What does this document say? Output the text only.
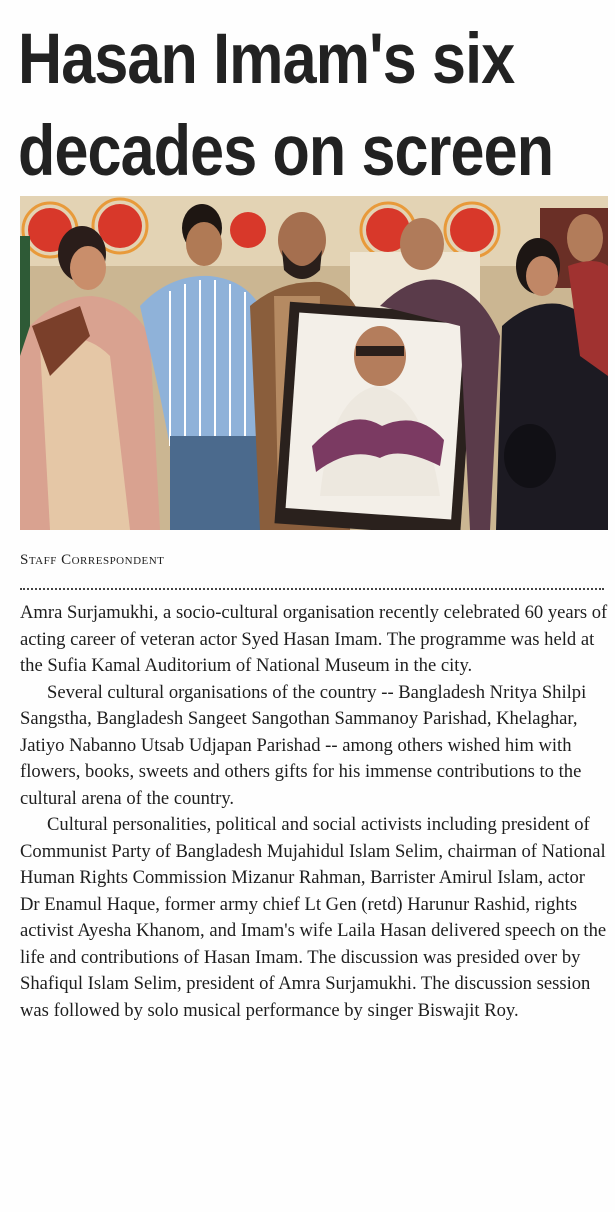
Hasan Imam's six
decades on screen
Staff Correspondent

Amra Surjamukhi, a socio-cultural organisation recently celebrated 60 years of acting career of veteran actor Syed Hasan Imam. The programme was held at the Sufia Kamal Auditorium of National Museum in the city.

Several cultural organisations of the country -- Bangladesh Nritya Shilpi Sangstha, Bangladesh Sangeet Sangothan Sammanoy Parishad, Khelaghar, Jatiyo Nabanno Utsab Udjapan Parishad -- among others wished him with flowers, books, sweets and others gifts for his immense contributions to the cultural arena of the country.

Cultural personalities, political and social activists including president of Communist Party of Bangladesh Mujahidul Islam Selim, chairman of National Human Rights Commission Mizanur Rahman, Barrister Amirul Islam, actor Dr Enamul Haque, former army chief Lt Gen (retd) Harunur Rashid, rights activist Ayesha Khanom, and Imam's wife Laila Hasan delivered speech on the life and contributions of Hasan Imam. The discussion was presided over by Shafiqul Islam Selim, president of Amra Surjamukhi. The discussion session was followed by solo musical performance by singer Biswajit Roy.
